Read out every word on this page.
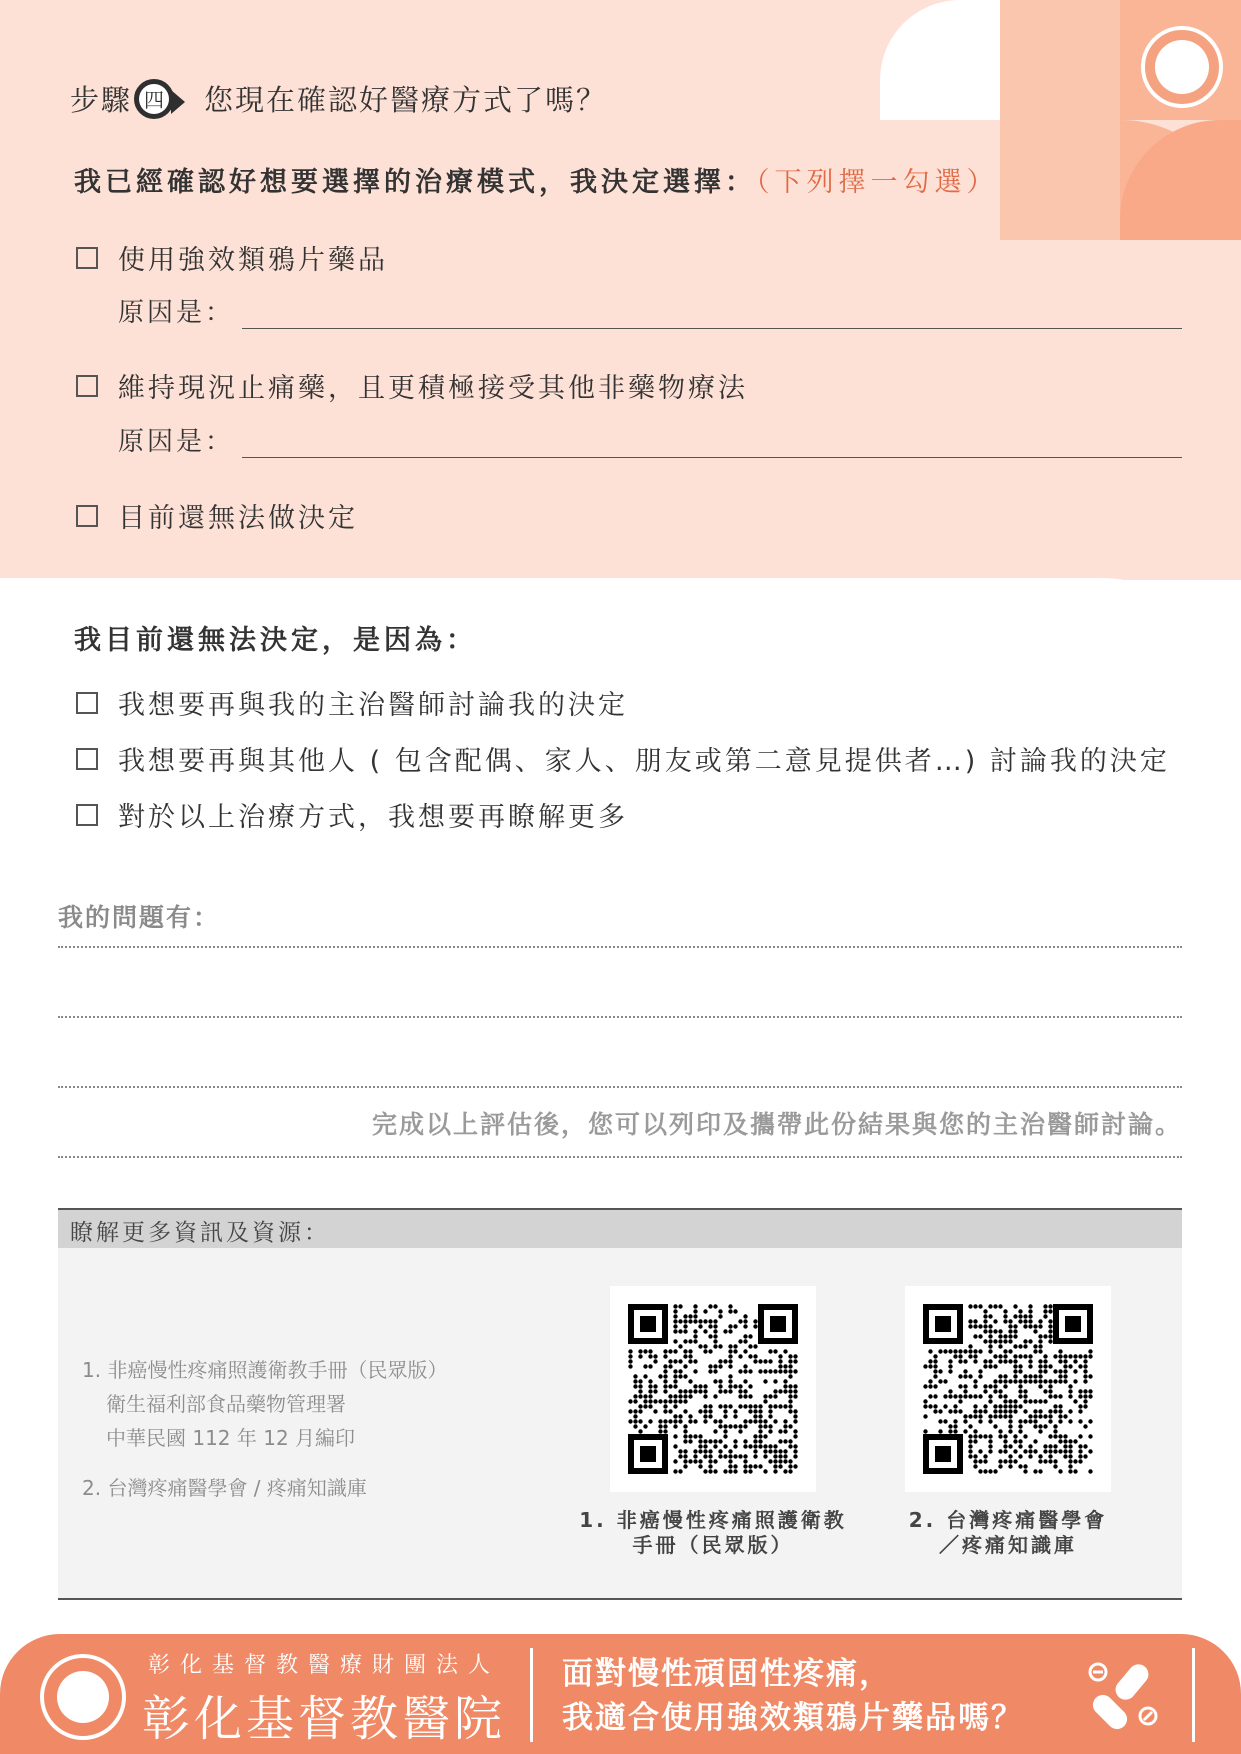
步驟 四 您現在確認好醫療方式了嗎？
我已經確認好想要選擇的治療模式，我決定選擇：（下列擇一勾選）
使用強效類鴉片藥品
原因是：
維持現況止痛藥，且更積極接受其他非藥物療法
原因是：
目前還無法做決定
我目前還無法決定，是因為：
我想要再與我的主治醫師討論我的決定
我想要再與其他人 ( 包含配偶、家人、朋友或第二意見提供者…) 討論我的決定
對於以上治療方式，我想要再瞭解更多
我的問題有：
完成以上評估後，您可以列印及攜帶此份結果與您的主治醫師討論。
瞭解更多資訊及資源：
1. 非癌慢性疼痛照護衛教手冊（民眾版）
衛生福利部食品藥物管理署
中華民國 112 年 12 月編印
2. 台灣疼痛醫學會 / 疼痛知識庫
1. 非癌慢性疼痛照護衛教
手冊（民眾版）
2. 台灣疼痛醫學會
／疼痛知識庫
彰化基督教醫療財團法人
彰化基督教醫院
面對慢性頑固性疼痛，
我適合使用強效類鴉片藥品嗎？
